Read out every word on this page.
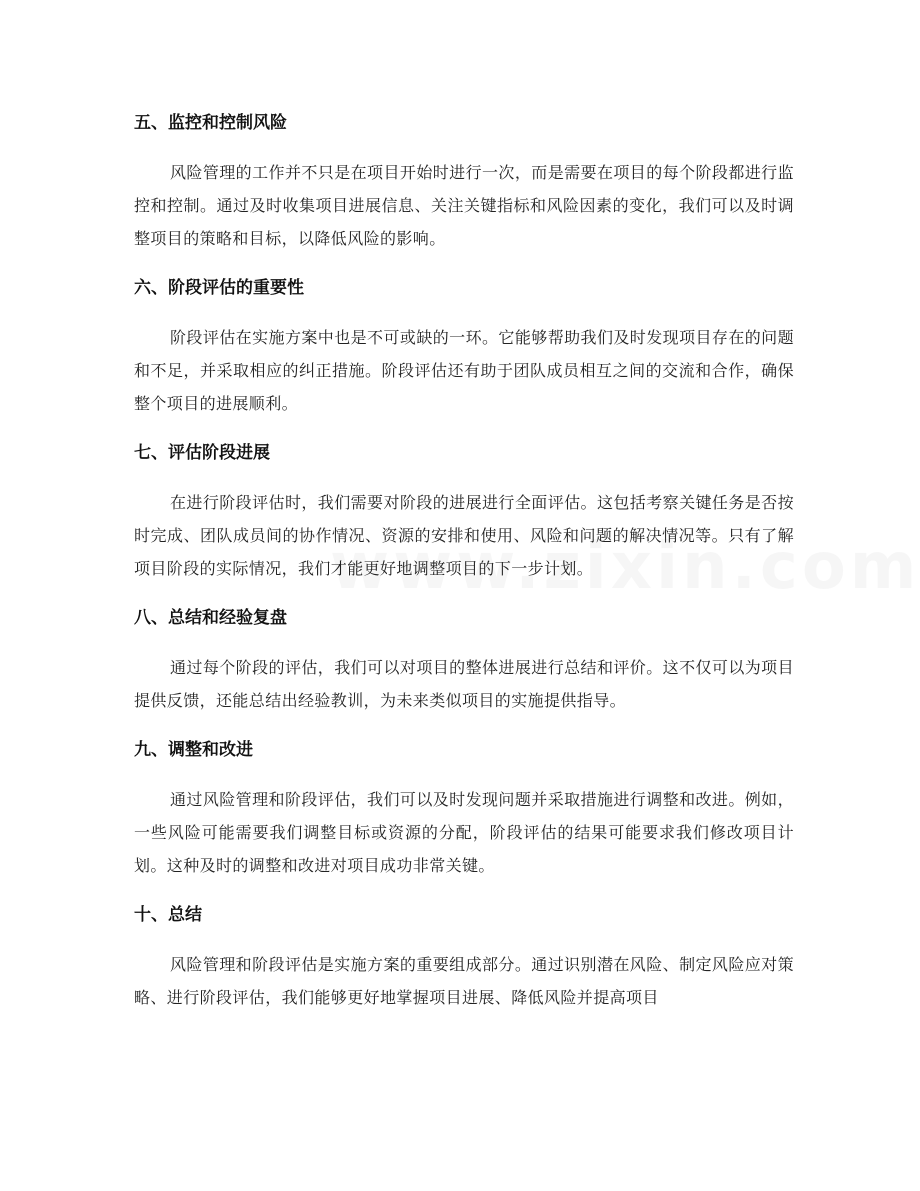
五、监控和控制风险

风险管理的工作并不只是在项目开始时进行一次，而是需要在项目的每个阶段都进行监控和控制。通过及时收集项目进展信息、关注关键指标和风险因素的变化，我们可以及时调整项目的策略和目标，以降低风险的影响。

六、阶段评估的重要性

阶段评估在实施方案中也是不可或缺的一环。它能够帮助我们及时发现项目存在的问题和不足，并采取相应的纠正措施。阶段评估还有助于团队成员相互之间的交流和合作，确保整个项目的进展顺利。

七、评估阶段进展

在进行阶段评估时，我们需要对阶段的进展进行全面评估。这包括考察关键任务是否按时完成、团队成员间的协作情况、资源的安排和使用、风险和问题的解决情况等。只有了解项目阶段的实际情况，我们才能更好地调整项目的下一步计划。

八、总结和经验复盘

通过每个阶段的评估，我们可以对项目的整体进展进行总结和评价。这不仅可以为项目提供反馈，还能总结出经验教训，为未来类似项目的实施提供指导。

九、调整和改进

通过风险管理和阶段评估，我们可以及时发现问题并采取措施进行调整和改进。例如，一些风险可能需要我们调整目标或资源的分配，阶段评估的结果可能要求我们修改项目计划。这种及时的调整和改进对项目成功非常关键。

十、总结

风险管理和阶段评估是实施方案的重要组成部分。通过识别潜在风险、制定风险应对策略、进行阶段评估，我们能够更好地掌握项目进展、降低风险并提高项目
